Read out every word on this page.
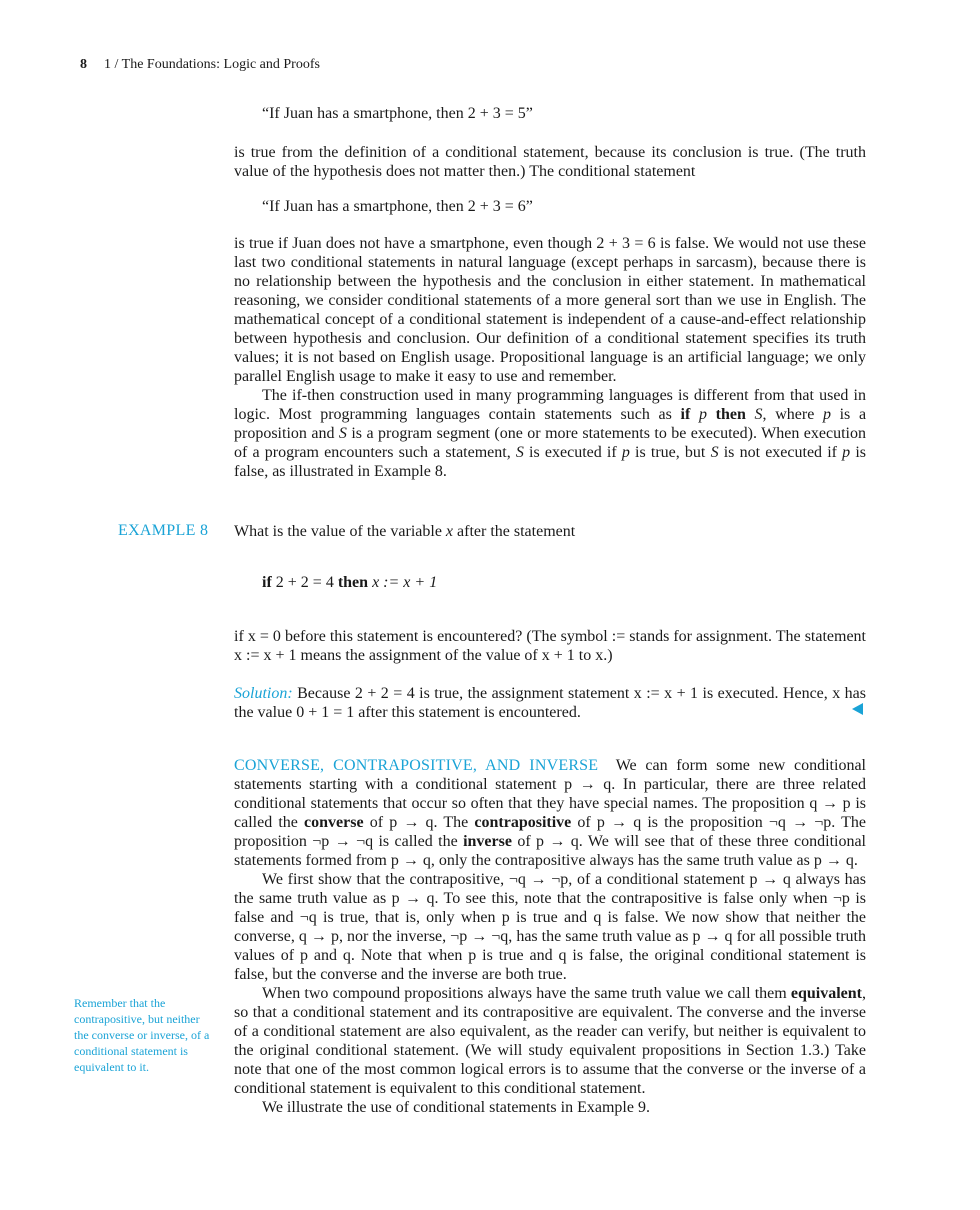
8 1 / The Foundations: Logic and Proofs
“If Juan has a smartphone, then 2 + 3 = 5”

is true from the definition of a conditional statement, because its conclusion is true. (The truth value of the hypothesis does not matter then.) The conditional statement

“If Juan has a smartphone, then 2 + 3 = 6”

is true if Juan does not have a smartphone, even though 2 + 3 = 6 is false. We would not use these last two conditional statements in natural language (except perhaps in sarcasm), because there is no relationship between the hypothesis and the conclusion in either statement. In mathematical reasoning, we consider conditional statements of a more general sort than we use in English. The mathematical concept of a conditional statement is independent of a cause-and-effect relationship between hypothesis and conclusion. Our definition of a conditional statement specifies its truth values; it is not based on English usage. Propositional language is an artificial language; we only parallel English usage to make it easy to use and remember.

The if-then construction used in many programming languages is different from that used in logic. Most programming languages contain statements such as if p then S, where p is a proposition and S is a program segment (one or more statements to be executed). When execution of a program encounters such a statement, S is executed if p is true, but S is not executed if p is false, as illustrated in Example 8.

EXAMPLE 8 What is the value of the variable x after the statement

if 2 + 2 = 4 then x := x + 1

if x = 0 before this statement is encountered? (The symbol := stands for assignment. The statement x := x + 1 means the assignment of the value of x + 1 to x.)

Solution: Because 2 + 2 = 4 is true, the assignment statement x := x + 1 is executed. Hence, x has the value 0 + 1 = 1 after this statement is encountered.

CONVERSE, CONTRAPOSITIVE, AND INVERSE We can form some new conditional statements starting with a conditional statement p → q. In particular, there are three related conditional statements that occur so often that they have special names. The proposition q → p is called the converse of p → q. The contrapositive of p → q is the proposition ¬q → ¬p. The proposition ¬p → ¬q is called the inverse of p → q. We will see that of these three conditional statements formed from p → q, only the contrapositive always has the same truth value as p → q.

We first show that the contrapositive, ¬q → ¬p, of a conditional statement p → q always has the same truth value as p → q. To see this, note that the contrapositive is false only when ¬p is false and ¬q is true, that is, only when p is true and q is false. We now show that neither the converse, q → p, nor the inverse, ¬p → ¬q, has the same truth value as p → q for all possible truth values of p and q. Note that when p is true and q is false, the original conditional statement is false, but the converse and the inverse are both true.

When two compound propositions always have the same truth value we call them equivalent, so that a conditional statement and its contrapositive are equivalent. The converse and the inverse of a conditional statement are also equivalent, as the reader can verify, but neither is equivalent to the original conditional statement. (We will study equivalent propositions in Section 1.3.) Take note that one of the most common logical errors is to assume that the converse or the inverse of a conditional statement is equivalent to this conditional statement.

We illustrate the use of conditional statements in Example 9.

Remember that the contrapositive, but neither the converse or inverse, of a conditional statement is equivalent to it.
